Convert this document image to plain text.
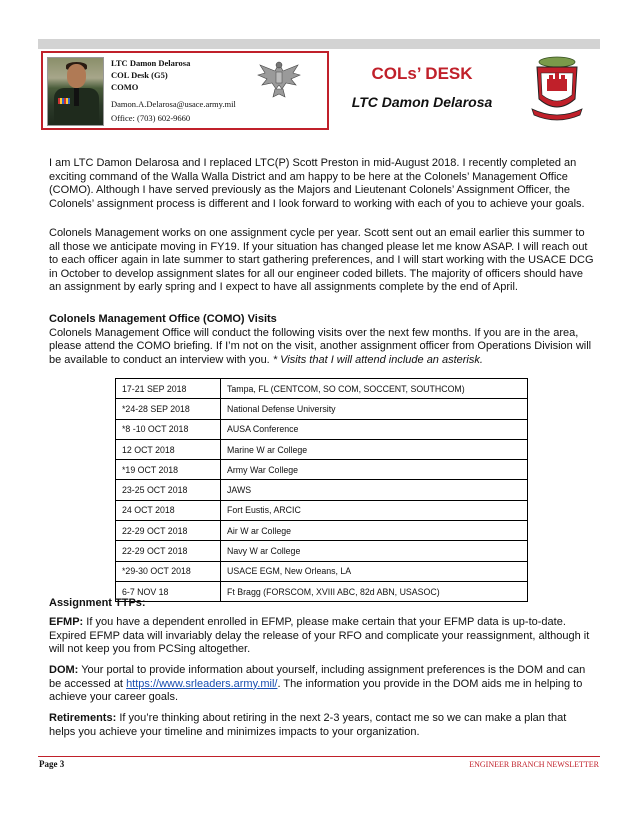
LTC Damon Delarosa
COL Desk (G5)
COMO
Damon.A.Delarosa@usace.army.mil
Office: (703) 602-9660
COLs’ DESK
LTC Damon Delarosa
I am LTC Damon Delarosa and I replaced LTC(P) Scott Preston in mid-August 2018. I recently completed an exciting command of the Walla Walla District and am happy to be here at the Colonels’ Management Office (COMO). Although I have served previously as the Majors and Lieutenant Colonels’ Assignment Officer, the Colonels’ assignment process is different and I look forward to working with each of you to achieve your goals.
Colonels Management works on one assignment cycle per year. Scott sent out an email earlier this summer to all those we anticipate moving in FY19. If your situation has changed please let me know ASAP. I will reach out to each officer again in late summer to start gathering preferences, and I will start working with the USACE DCG in October to develop assignment slates for all our engineer coded billets. The majority of officers should have an assignment by early spring and I expect to have all assignments complete by the end of April.
Colonels Management Office (COMO) Visits
Colonels Management Office will conduct the following visits over the next few months. If you are in the area, please attend the COMO briefing. If I’m not on the visit, another assignment officer from Operations Division will be available to conduct an interview with you. * Visits that I will attend include an asterisk.
17-21 SEP 2018	Tampa, FL (CENTCOM, SO COM, SOCCENT, SOUTHCOM)
*24-28 SEP 2018	National Defense University
*8 -10 OCT 2018	AUSA Conference
12 OCT 2018	Marine W ar College
*19 OCT 2018	Army War College
23-25 OCT 2018	JAWS
24 OCT 2018	Fort Eustis, ARCIC
22-29 OCT 2018	Air W ar College
22-29 OCT 2018	Navy W ar College
*29-30 OCT 2018	USACE EGM, New Orleans, LA
6-7 NOV 18	Ft Bragg (FORSCOM, XVIII ABC, 82d ABN, USASOC)
Assignment TTPs:
EFMP: If you have a dependent enrolled in EFMP, please make certain that your EFMP data is up-to-date. Expired EFMP data will invariably delay the release of your RFO and complicate your reassignment, although it will not keep you from PCSing altogether.
DOM: Your portal to provide information about yourself, including assignment preferences is the DOM and can be accessed at https://www.srleaders.army.mil/. The information you provide in the DOM aids me in helping to achieve your career goals.
Retirements: If you’re thinking about retiring in the next 2-3 years, contact me so we can make a plan that helps you achieve your timeline and minimizes impacts to your organization.
Page 3	ENGINEER BRANCH NEWSLETTER
